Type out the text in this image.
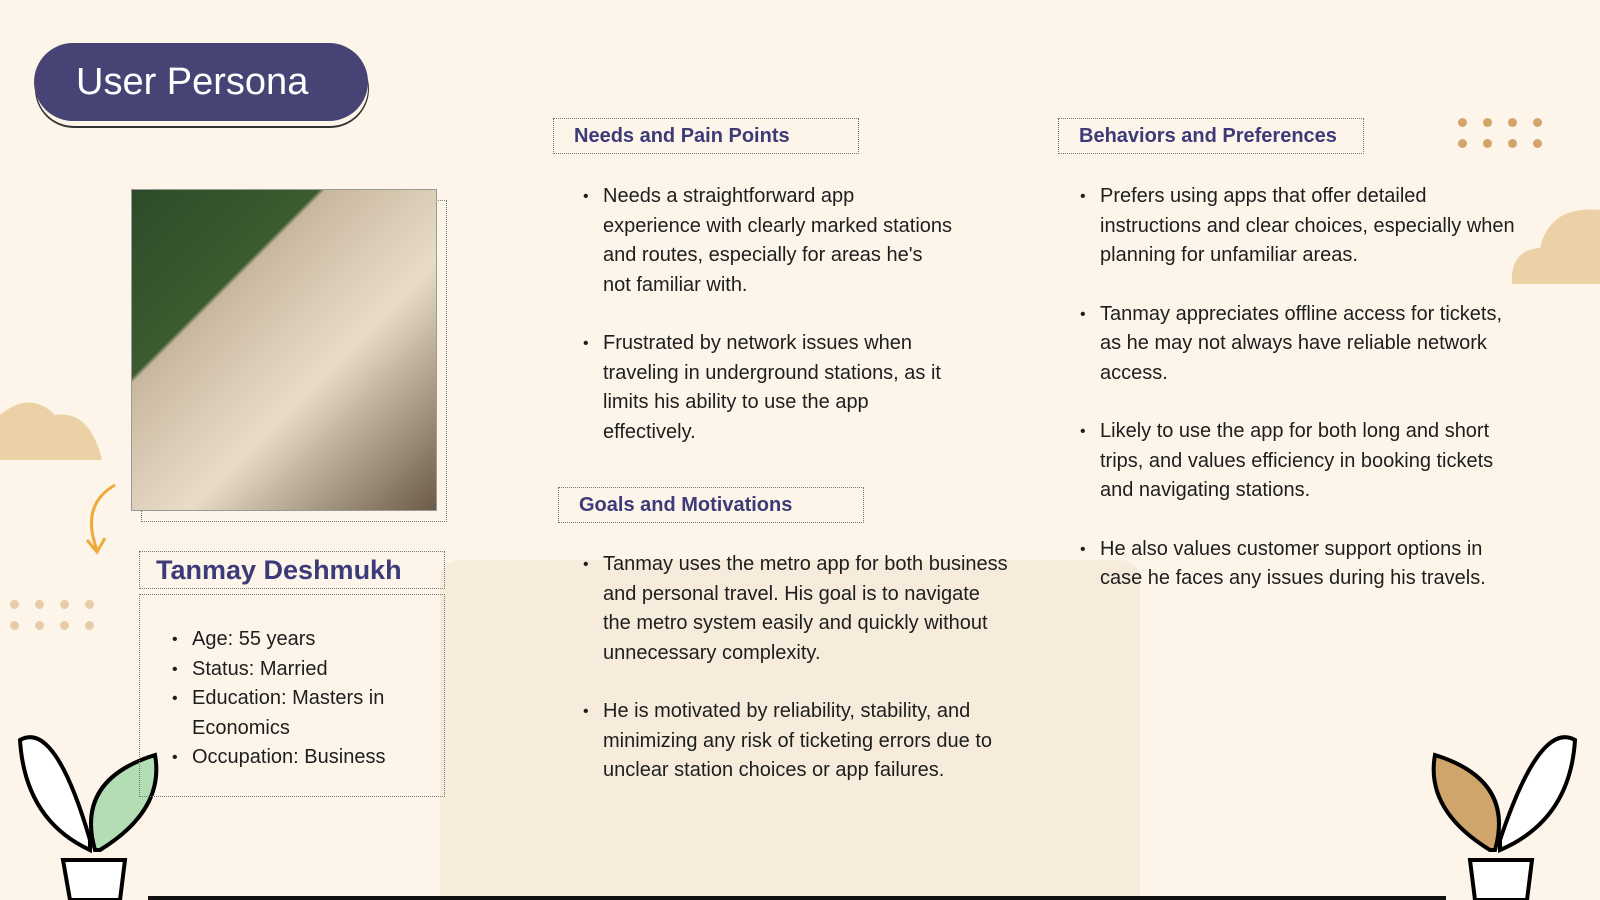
User Persona
Tanmay Deshmukh
• Age: 55 years
• Status: Married
• Education: Masters in Economics
• Occupation: Business
Needs and Pain Points
• Needs a straightforward app experience with clearly marked stations and routes, especially for areas he's not familiar with.
• Frustrated by network issues when traveling in underground stations, as it limits his ability to use the app effectively.
Goals and Motivations
• Tanmay uses the metro app for both business and personal travel. His goal is to navigate the metro system easily and quickly without unnecessary complexity.
• He is motivated by reliability, stability, and minimizing any risk of ticketing errors due to unclear station choices or app failures.
Behaviors and Preferences
• Prefers using apps that offer detailed instructions and clear choices, especially when planning for unfamiliar areas.
• Tanmay appreciates offline access for tickets, as he may not always have reliable network access.
• Likely to use the app for both long and short trips, and values efficiency in booking tickets and navigating stations.
• He also values customer support options in case he faces any issues during his travels.
